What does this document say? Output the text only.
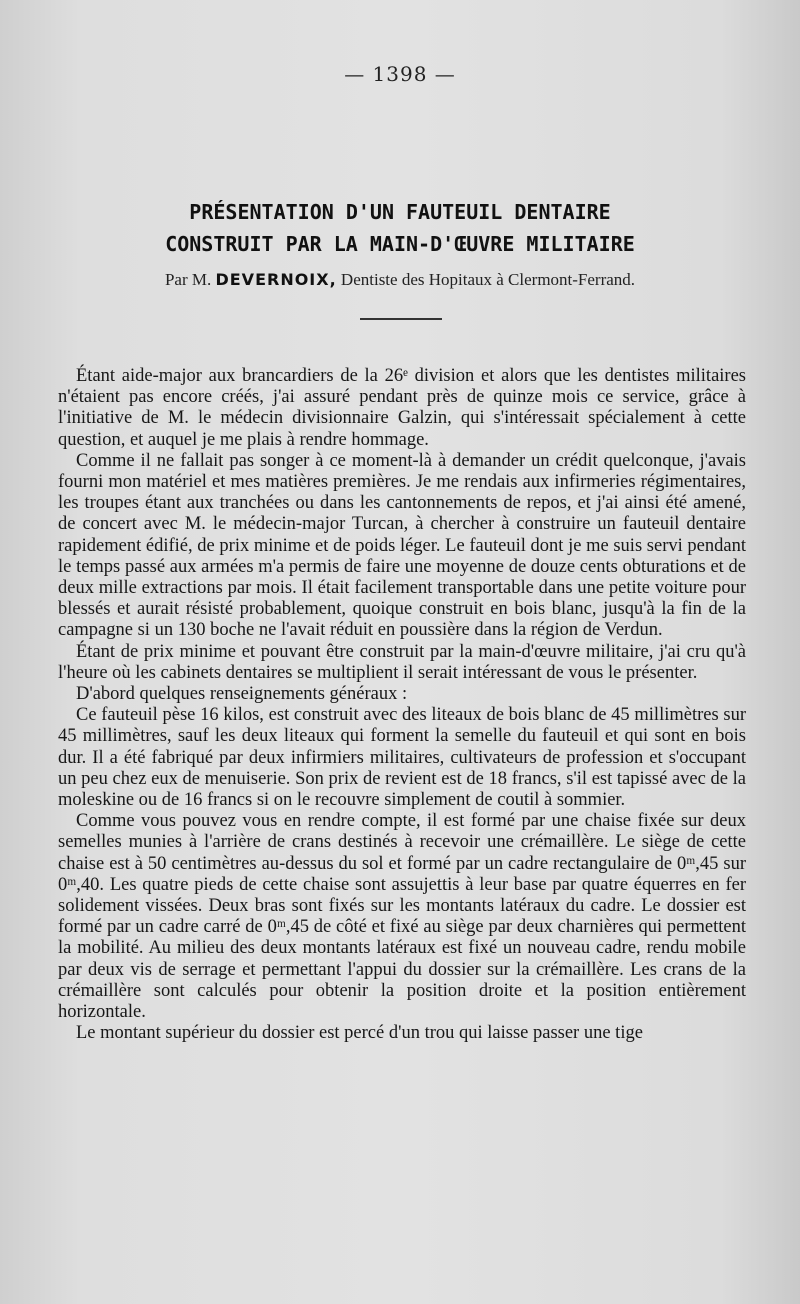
— 1398 —
PRÉSENTATION D'UN FAUTEUIL DENTAIRE
CONSTRUIT PAR LA MAIN-D'ŒUVRE MILITAIRE
Par M. DEVERNOIX, Dentiste des Hopitaux à Clermont-Ferrand.

Étant aide-major aux brancardiers de la 26ᵉ division et alors que les dentistes militaires n'étaient pas encore créés, j'ai assuré pendant près de quinze mois ce service, grâce à l'initiative de M. le médecin divisionnaire Galzin, qui s'intéressait spécialement à cette question, et auquel je me plais à rendre hommage.

Comme il ne fallait pas songer à ce moment-là à demander un crédit quelconque, j'avais fourni mon matériel et mes matières premières. Je me rendais aux infirmeries régimentaires, les troupes étant aux tranchées ou dans les cantonnements de repos, et j'ai ainsi été amené, de concert avec M. le médecin-major Turcan, à chercher à construire un fauteuil dentaire rapidement édifié, de prix minime et de poids léger. Le fauteuil dont je me suis servi pendant le temps passé aux armées m'a permis de faire une moyenne de douze cents obturations et de deux mille extractions par mois. Il était facilement transportable dans une petite voiture pour blessés et aurait résisté probablement, quoique construit en bois blanc, jusqu'à la fin de la campagne si un 130 boche ne l'avait réduit en poussière dans la région de Verdun.

Étant de prix minime et pouvant être construit par la main-d'œuvre militaire, j'ai cru qu'à l'heure où les cabinets dentaires se multiplient il serait intéressant de vous le présenter.

D'abord quelques renseignements généraux :

Ce fauteuil pèse 16 kilos, est construit avec des liteaux de bois blanc de 45 millimètres sur 45 millimètres, sauf les deux liteaux qui forment la semelle du fauteuil et qui sont en bois dur. Il a été fabriqué par deux infirmiers militaires, cultivateurs de profession et s'occupant un peu chez eux de menuiserie. Son prix de revient est de 18 francs, s'il est tapissé avec de la moleskine ou de 16 francs si on le recouvre simplement de coutil à sommier.

Comme vous pouvez vous en rendre compte, il est formé par une chaise fixée sur deux semelles munies à l'arrière de crans destinés à recevoir une crémaillère. Le siège de cette chaise est à 50 centimètres au-dessus du sol et formé par un cadre rectangulaire de 0ᵐ,45 sur 0ᵐ,40. Les quatre pieds de cette chaise sont assujettis à leur base par quatre équerres en fer solidement vissées. Deux bras sont fixés sur les montants latéraux du cadre. Le dossier est formé par un cadre carré de 0ᵐ,45 de côté et fixé au siège par deux charnières qui permettent la mobilité. Au milieu des deux montants latéraux est fixé un nouveau cadre, rendu mobile par deux vis de serrage et permettant l'appui du dossier sur la crémaillère. Les crans de la crémaillère sont calculés pour obtenir la position droite et la position entièrement horizontale.

Le montant supérieur du dossier est percé d'un trou qui laisse passer une tige
